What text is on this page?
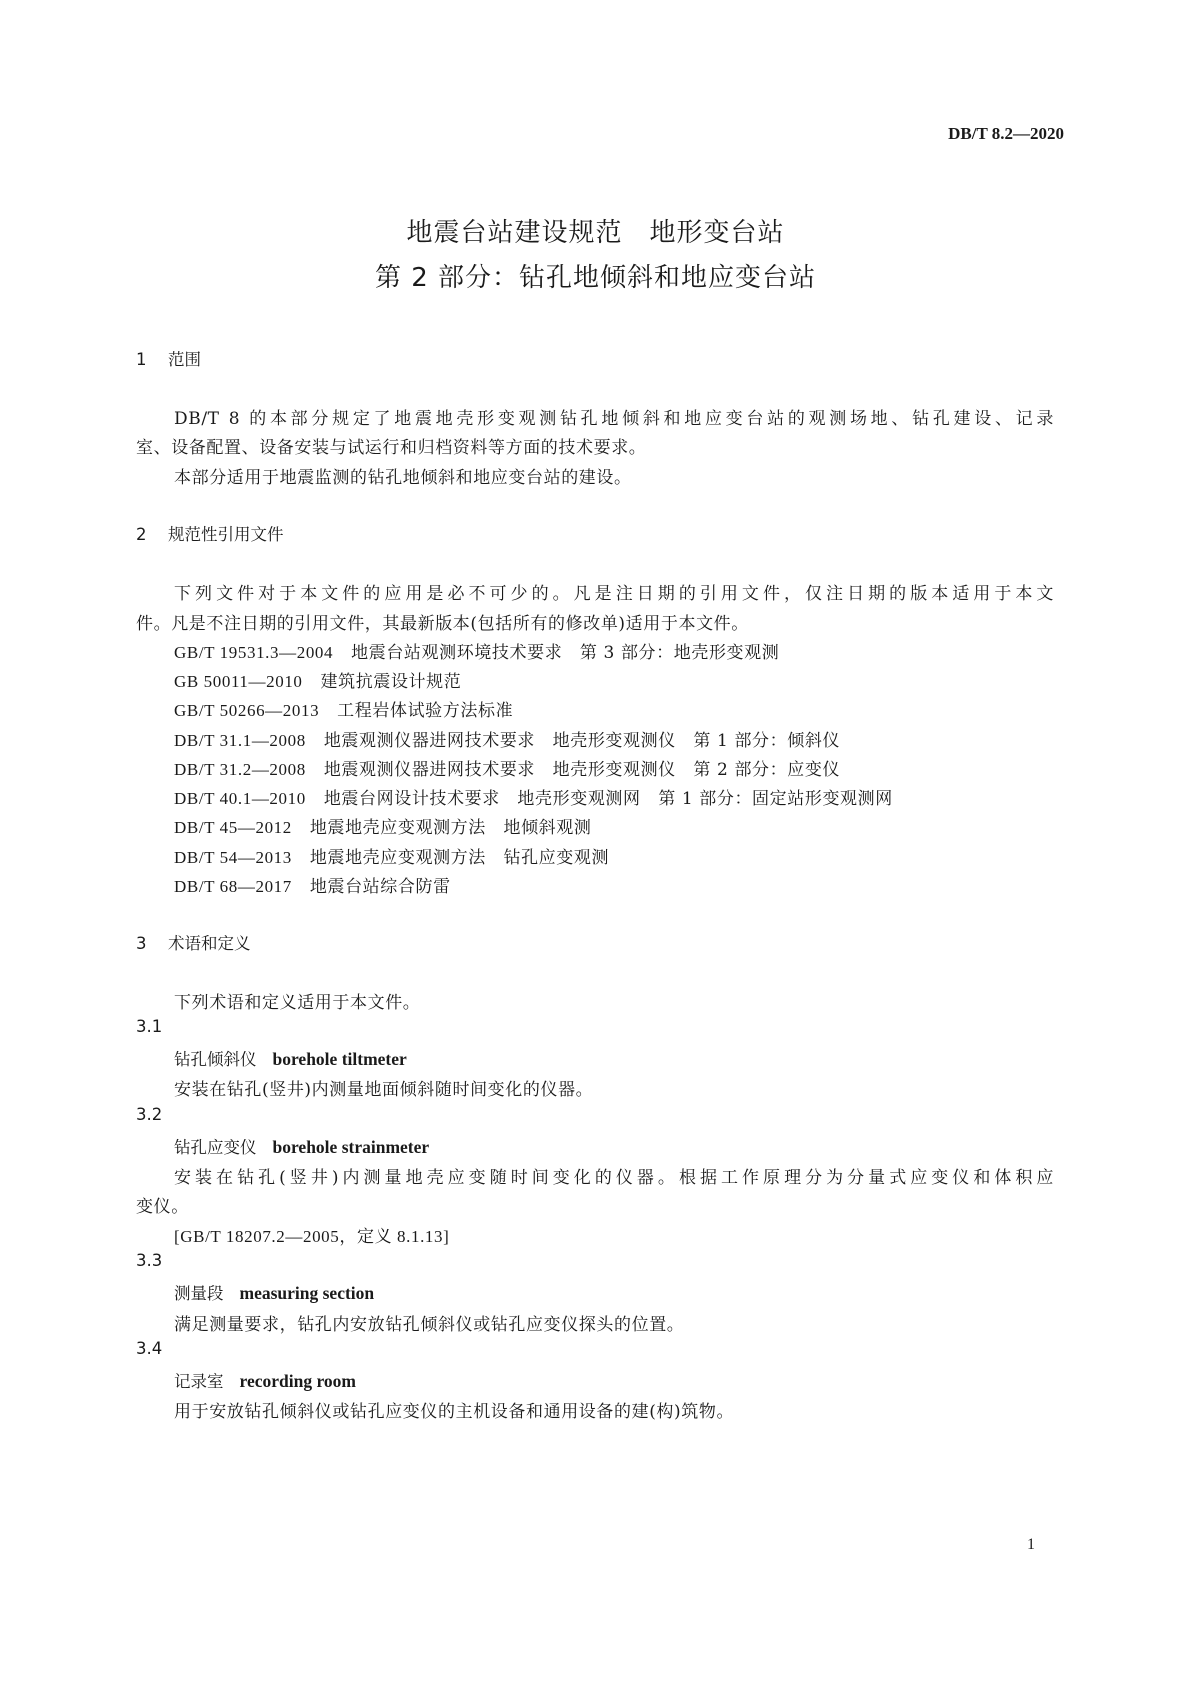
DB/T 8.2—2020
地震台站建设规范　地形变台站
第 2 部分：钻孔地倾斜和地应变台站
1 范围
DB/T 8 的本部分规定了地震地壳形变观测钻孔地倾斜和地应变台站的观测场地、钻孔建设、记录
室、设备配置、设备安装与试运行和归档资料等方面的技术要求。
本部分适用于地震监测的钻孔地倾斜和地应变台站的建设。
2 规范性引用文件
下列文件对于本文件的应用是必不可少的。凡是注日期的引用文件，仅注日期的版本适用于本文
件。凡是不注日期的引用文件，其最新版本(包括所有的修改单)适用于本文件。
GB/T 19531.3—2004 地震台站观测环境技术要求　第 3 部分：地壳形变观测
GB 50011—2010 建筑抗震设计规范
GB/T 50266—2013 工程岩体试验方法标准
DB/T 31.1—2008 地震观测仪器进网技术要求　地壳形变观测仪　第 1 部分：倾斜仪
DB/T 31.2—2008 地震观测仪器进网技术要求　地壳形变观测仪　第 2 部分：应变仪
DB/T 40.1—2010 地震台网设计技术要求　地壳形变观测网　第 1 部分：固定站形变观测网
DB/T 45—2012 地震地壳应变观测方法　地倾斜观测
DB/T 54—2013 地震地壳应变观测方法　钻孔应变观测
DB/T 68—2017 地震台站综合防雷
3 术语和定义
下列术语和定义适用于本文件。
3.1
钻孔倾斜仪 borehole tiltmeter
安装在钻孔(竖井)内测量地面倾斜随时间变化的仪器。
3.2
钻孔应变仪 borehole strainmeter
安装在钻孔(竖井)内测量地壳应变随时间变化的仪器。根据工作原理分为分量式应变仪和体积应
变仪。
[GB/T 18207.2—2005，定义 8.1.13]
3.3
测量段 measuring section
满足测量要求，钻孔内安放钻孔倾斜仪或钻孔应变仪探头的位置。
3.4
记录室 recording room
用于安放钻孔倾斜仪或钻孔应变仪的主机设备和通用设备的建(构)筑物。
1
